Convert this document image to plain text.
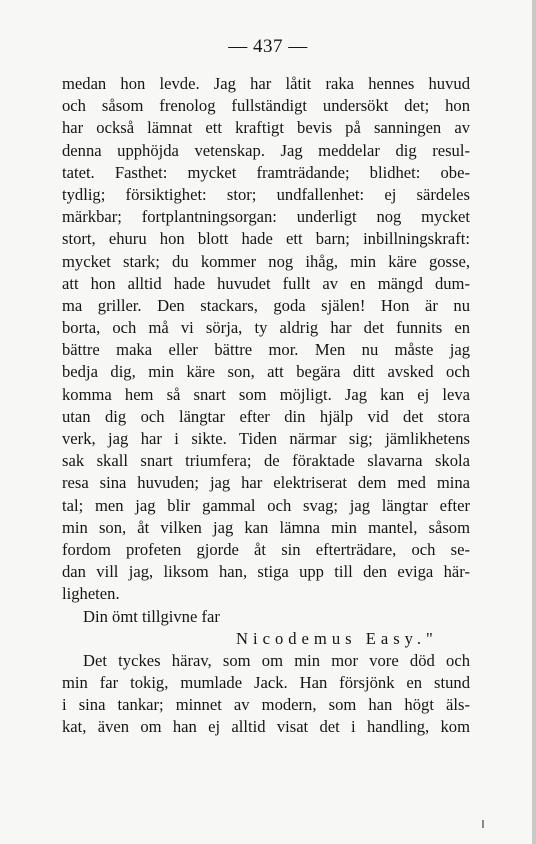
— 437 —
medan hon levde. Jag har låtit raka hennes huvud
och såsom frenolog fullständigt undersökt det; hon
har också lämnat ett kraftigt bevis på sanningen av
denna upphöjda vetenskap. Jag meddelar dig resul-
tatet. Fasthet: mycket framträdande; blidhet: obe-
tydlig; försiktighet: stor; undfallenhet: ej särdeles
märkbar; fortplantningsorgan: underligt nog mycket
stort, ehuru hon blott hade ett barn; inbillningskraft:
mycket stark; du kommer nog ihåg, min käre gosse,
att hon alltid hade huvudet fullt av en mängd dum-
ma griller. Den stackars, goda själen! Hon är nu
borta, och må vi sörja, ty aldrig har det funnits en
bättre maka eller bättre mor. Men nu måste jag
bedja dig, min käre son, att begära ditt avsked och
komma hem så snart som möjligt. Jag kan ej leva
utan dig och längtar efter din hjälp vid det stora
verk, jag har i sikte. Tiden närmar sig; jämlikhetens
sak skall snart triumfera; de föraktade slavarna skola
resa sina huvuden; jag har elektriserat dem med mina
tal; men jag blir gammal och svag; jag längtar efter
min son, åt vilken jag kan lämna min mantel, såsom
fordom profeten gjorde åt sin efterträdare, och se-
dan vill jag, liksom han, stiga upp till den eviga här-
ligheten.
Din ömt tillgivne far
Nicodemus Easy."
Det tyckes härav, som om min mor vore död och
min far tokig, mumlade Jack. Han försjönk en stund
i sina tankar; minnet av modern, som han högt äls-
kat, även om han ej alltid visat det i handling, kom
